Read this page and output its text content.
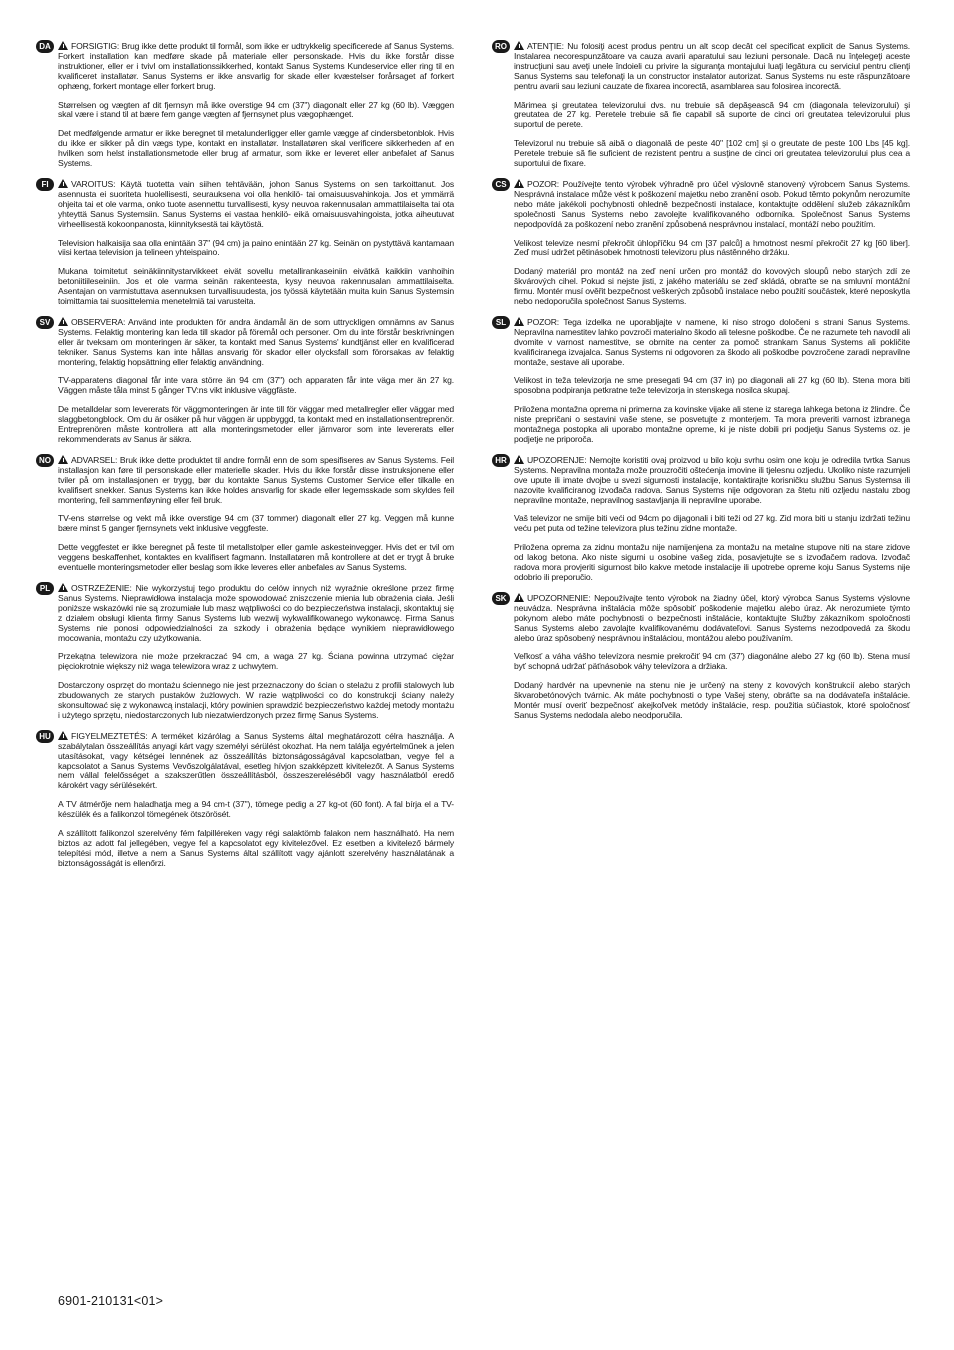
DA	FORSIGTIG: Brug ikke dette produkt til formål, som ikke er udtrykkelig specificerede af Sanus Systems. Forkert installation kan medføre skade på materiale eller personskade. Hvis du ikke forstår disse instruktioner, eller er i tvivl om installationssikkerhed, kontakt Sanus Systems Kundeservice eller ring til en kvalificeret installatør. Sanus Systems er ikke ansvarlig for skade eller kvæstelser forårsaget af forkert ophæng, forkert montage eller forkert brug.

Størrelsen og vægten af dit fjernsyn må ikke overstige 94 cm (37") diagonalt eller 27 kg (60 lb). Væggen skal være i stand til at bære fem gange vægten af fjernsynet plus vægophænget.

Det medfølgende armatur er ikke beregnet til metalunderligger eller gamle vægge af cindersbetonblok. Hvis du ikke er sikker på din vægs type, kontakt en installatør. Installatøren skal verificere sikkerheden af en hvilken som helst installationsmetode eller brug af armatur, som ikke er leveret eller anbefalet af Sanus Systems.

FI	VAROITUS: Käytä tuotetta vain siihen tehtävään, johon Sanus Systems on sen tarkoittanut. Jos asennusta ei suoriteta huolellisesti, seurauksena voi olla henkilö- tai omaisuusvahinkoja. Jos et ymmärrä ohjeita tai et ole varma, onko tuote asennettu turvallisesti, kysy neuvoa rakennusalan ammattilaiselta tai ota yhteyttä Sanus Systemsiin. Sanus Systems ei vastaa henkilö- eikä omaisuusvahingoista, jotka aiheutuvat virheellisestä kokoonpanosta, kiinnityksestä tai käytöstä.

Television halkaisija saa olla enintään 37" (94 cm) ja paino enintään 27 kg. Seinän on pystyttävä kantamaan viisi kertaa television ja telineen yhteispaino.

Mukana toimitetut seinäkiinnitystarvikkeet eivät sovellu metallirankaseiniin eivätkä kaikkiin vanhoihin betoniitiileseiniin. Jos et ole varma seinän rakenteesta, kysy neuvoa rakennusalan ammattilaiselta. Asentajan on varmistuttava asennuksen turvallisuudesta, jos työssä käytetään muita kuin Sanus Systemsin toimittamia tai suosittelemia menetelmiä tai varusteita.

SV	OBSERVERA: Använd inte produkten för andra ändamål än de som uttryckligen omnämns av Sanus Systems. Felaktig montering kan leda till skador på föremål och personer. Om du inte förstår beskrivningen eller är tveksam om monteringen är säker, ta kontakt med Sanus Systems' kundtjänst eller en kvalificerad tekniker. Sanus Systems kan inte hållas ansvarig för skador eller olycksfall som förorsakas av felaktig montering, felaktig hopsättning eller felaktig användning.

TV-apparatens diagonal får inte vara större än 94 cm (37") och apparaten får inte väga mer än 27 kg. Väggen måste tåla minst 5 gånger TV:ns vikt inklusive väggfäste.

De metalldelar som levererats för väggmonteringen är inte till för väggar med metallregler eller väggar med slaggbetongblock. Om du är osäker på hur väggen är uppbyggd, ta kontakt med en installationsentreprenör. Entreprenören måste kontrollera att alla monteringsmetoder eller järnvaror som inte levererats eller rekommenderats av Sanus är säkra.

NO	ADVARSEL: Bruk ikke dette produktet til andre formål enn de som spesifiseres av Sanus Systems. Feil installasjon kan føre til personskade eller materielle skader. Hvis du ikke forstår disse instruksjonene eller tviler på om installasjonen er trygg, bør du kontakte Sanus Systems Customer Service eller tilkalle en kvalifisert snekker. Sanus Systems kan ikke holdes ansvarlig for skade eller legemsskade som skyldes feil montering, feil sammenføyning eller feil bruk.

TV-ens størrelse og vekt må ikke overstige 94 cm (37 tommer) diagonalt eller 27 kg. Veggen må kunne bære minst 5 ganger fjernsynets vekt inklusive veggfeste.

Dette veggfestet er ikke beregnet på feste til metallstolper eller gamle askesteinvegger. Hvis det er tvil om veggens beskaffenhet, kontaktes en kvalifisert fagmann. Installatøren må kontrollere at det er trygt å bruke eventuelle monteringsmetoder eller beslag som ikke leveres eller anbefales av Sanus Systems.

PL	OSTRZEŻENIE: Nie wykorzystuj tego produktu do celów innych niż wyraźnie określone przez firmę Sanus Systems. Nieprawidłowa instalacja może spowodować zniszczenie mienia lub obrażenia ciała. Jeśli poniższe wskazówki nie są zrozumiałe lub masz wątpliwości co do bezpieczeństwa instalacji, skontaktuj się z działem obsługi klienta firmy Sanus Systems lub wezwij wykwalifikowanego wykonawcę. Firma Sanus Systems nie ponosi odpowiedzialności za szkody i obrażenia będące wynikiem nieprawidłowego mocowania, montażu czy użytkowania.

Przekątna telewizora nie może przekraczać 94 cm, a waga 27 kg. Ściana powinna utrzymać ciężar pięciokrotnie większy niż waga telewizora wraz z uchwytem.

Dostarczony osprzęt do montażu ściennego nie jest przeznaczony do ścian o stelażu z profili stalowych lub zbudowanych ze starych pustaków żużlowych. W razie wątpliwości co do konstrukcji ściany należy skonsultować się z wykonawcą instalacji, który powinien sprawdzić bezpieczeństwo każdej metody montażu i użytego sprzętu, niedostarczonych lub niezatwierdzonych przez firmę Sanus Systems.

HU	FIGYELMEZTETÉS: A terméket kizárólag a Sanus Systems által meghatározott célra használja. A szabálytalan összeállítás anyagi kárt vagy személyi sérülést okozhat. Ha nem találja egyértelműnek a jelen utasításokat, vagy kétségei lennének az összeállítás biztonságosságával kapcsolatban, vegye fel a kapcsolatot a Sanus Systems Vevőszolgálatával, esetleg hívjon szakképzett kivitelezőt. A Sanus Systems nem vállal felelősséget a szakszerűtlen összeállításból, összeszereléséből vagy használatból eredő károkért vagy sérülésekért.

A TV átmérője nem haladhatja meg a 94 cm-t (37"), tömege pedig a 27 kg-ot (60 font). A fal bírja el a TV-készülék és a falikonzol tömegének ötszörösét.

A szállított falikonzol szerelvény fém falpilléreken vagy régi salaktömb falakon nem használható. Ha nem biztos az adott fal jellegében, vegye fel a kapcsolatot egy kivitelezővel. Ez esetben a kivitelező bármely telepítési mód, illetve a nem a Sanus Systems által szállított vagy ajánlott szerelvény használatának a biztonságosságát is ellenőrzi.

RO	ATENŢIE: Nu folosiţi acest produs pentru un alt scop decât cel specificat explicit de Sanus Systems. Instalarea necorespunzătoare va cauza avarii aparatului sau leziuni personale. Dacă nu înţelegeţi aceste instrucţiuni sau aveţi unele îndoieli cu privire la siguranţa montajului luaţi legătura cu serviciul pentru clienţi Sanus Systems sau telefonaţi la un constructor instalator autorizat. Sanus Systems nu este răspunzătoare pentru avarii sau leziuni cauzate de fixarea incorectă, asamblarea sau folosirea incorectă.

Mărimea şi greutatea televizorului dvs. nu trebuie să depăşească 94 cm (diagonala televizorului) şi greutatea de 27 kg. Peretele trebuie să fie capabil să suporte de cinci ori greutatea televizorului plus suportul de perete.

Televizorul nu trebuie să aibă o diagonală de peste 40" [102 cm] şi o greutate de peste 100 Lbs [45 kg]. Peretele trebuie să fie suficient de rezistent pentru a susţine de cinci ori greutatea televizorului plus cea a suportului de fixare.

CS	POZOR: Používejte tento výrobek výhradně pro účel výslovně stanovený výrobcem Sanus Systems. Nesprávná instalace může vést k poškození majetku nebo zranění osob. Pokud těmto pokynům nerozumíte nebo máte jakékoli pochybnosti ohledně bezpečnosti instalace, kontaktujte oddělení služeb zákazníkům společnosti Sanus Systems nebo zavolejte kvalifikovaného odborníka. Společnost Sanus Systems nepodpovídá za poškození nebo zranění způsobená nesprávnou instalací, montáží nebo použitím.

Velikost televize nesmí překročit úhlopříčku 94 cm [37 palců] a hmotnost nesmí překročit 27 kg [60 liber]. Zeď musí udržet pětinásobek hmotnosti televizoru plus nástěnného držáku.

Dodaný materiál pro montáž na zeď není určen pro montáž do kovových sloupů nebo starých zdí ze škvárových cihel. Pokud si nejste jisti, z jakého materiálu se zeď skládá, obraťte se na smluvní montážní firmu. Montér musí ověřit bezpečnost veškerých způsobů instalace nebo použití součástek, které neposkytla nebo nedoporučila společnost Sanus Systems.

SL	POZOR: Tega izdelka ne uporabljajte v namene, ki niso strogo določeni s strani Sanus Systems. Nepravilna namestitev lahko povzroči materialno škodo ali telesne poškodbe. Če ne razumete teh navodil ali dvomite v varnost namestitve, se obrnite na center za pomoč strankam Sanus Systems ali pokličite kvalificiranega izvajalca. Sanus Systems ni odgovoren za škodo ali poškodbe povzročene zaradi nepravilne montaže, sestave ali uporabe.

Velikost in teža televizorja ne sme presegati 94 cm (37 in) po diagonali ali 27 kg (60 lb). Stena mora biti sposobna podpiranja petkratne teže televizorja in stenskega nosilca skupaj.

Priložena montažna oprema ni primerna za kovinske vijake ali stene iz starega lahkega betona iz žlindre. Če niste prepričani o sestavini vaše stene, se posvetujte z monterjem. Ta mora preveriti varnost izbranega montažnega postopka ali uporabo montažne opreme, ki je niste dobili pri podjetju Sanus Systems oz. je podjetje ne priporoča.

HR	UPOZORENJE: Nemojte koristiti ovaj proizvod u bilo koju svrhu osim one koju je odredila tvrtka Sanus Systems. Nepravilna montaža može prouzročiti oštećenja imovine ili tjelesnu ozljedu. Ukoliko niste razumjeli ove upute ili imate dvojbe u svezi sigurnosti instalacije, kontaktirajte korisničku službu Sanus Systemsa ili nazovite kvalificiranog izvođača radova. Sanus Systems nije odgovoran za štetu niti ozljedu nastalu zbog nepravilne montaže, nepravilnog sastavljanja ili nepravilne uporabe.

Vaš televizor ne smije biti veći od 94cm po dijagonali i biti teži od 27 kg. Zid mora biti u stanju izdržati težinu veću pet puta od težine televizora plus težinu zidne montaže.

Priložena oprema za zidnu montažu nije namijenjena za montažu na metalne stupove niti na stare zidove od lakog betona. Ako niste sigurni u osobine vašeg zida, posavjetujte se s izvođačem radova. Izvođač radova mora provjeriti sigurnost bilo kakve metode instalacije ili upotrebe opreme koju Sanus Systems nije odobrio ili preporučio.

SK	UPOZORNENIE: Nepoužívajte tento výrobok na žiadny účel, ktorý výrobca Sanus Systems výslovne neuvádza. Nesprávna inštalácia môže spôsobiť poškodenie majetku alebo úraz. Ak nerozumiete týmto pokynom alebo máte pochybnosti o bezpečnosti inštalácie, kontaktujte Služby zákazníkom spoločnosti Sanus Systems alebo zavolajte kvalifikovanému dodávateľovi. Sanus Systems nezodpovedá za škodu alebo úraz spôsobený nesprávnou inštaláciou, montážou alebo používaním.

Veľkosť a váha vášho televízora nesmie prekročiť 94 cm (37') diagonálne alebo 27 kg (60 lb). Stena musí byť schopná udržať päťnásobok váhy televízora a držiaka.

Dodaný hardvér na upevnenie na stenu nie je určený na steny z kovových konštrukcií alebo starých škvarobetónových tvárnic. Ak máte pochybnosti o type Vašej steny, obráťte sa na dodávateľa inštalácie. Montér musí overiť bezpečnosť akejkoľvek metódy inštalácie, resp. použitia súčiastok, ktoré spoločnosť Sanus Systems nedodala alebo neodporučila.

6901-210131<01>
